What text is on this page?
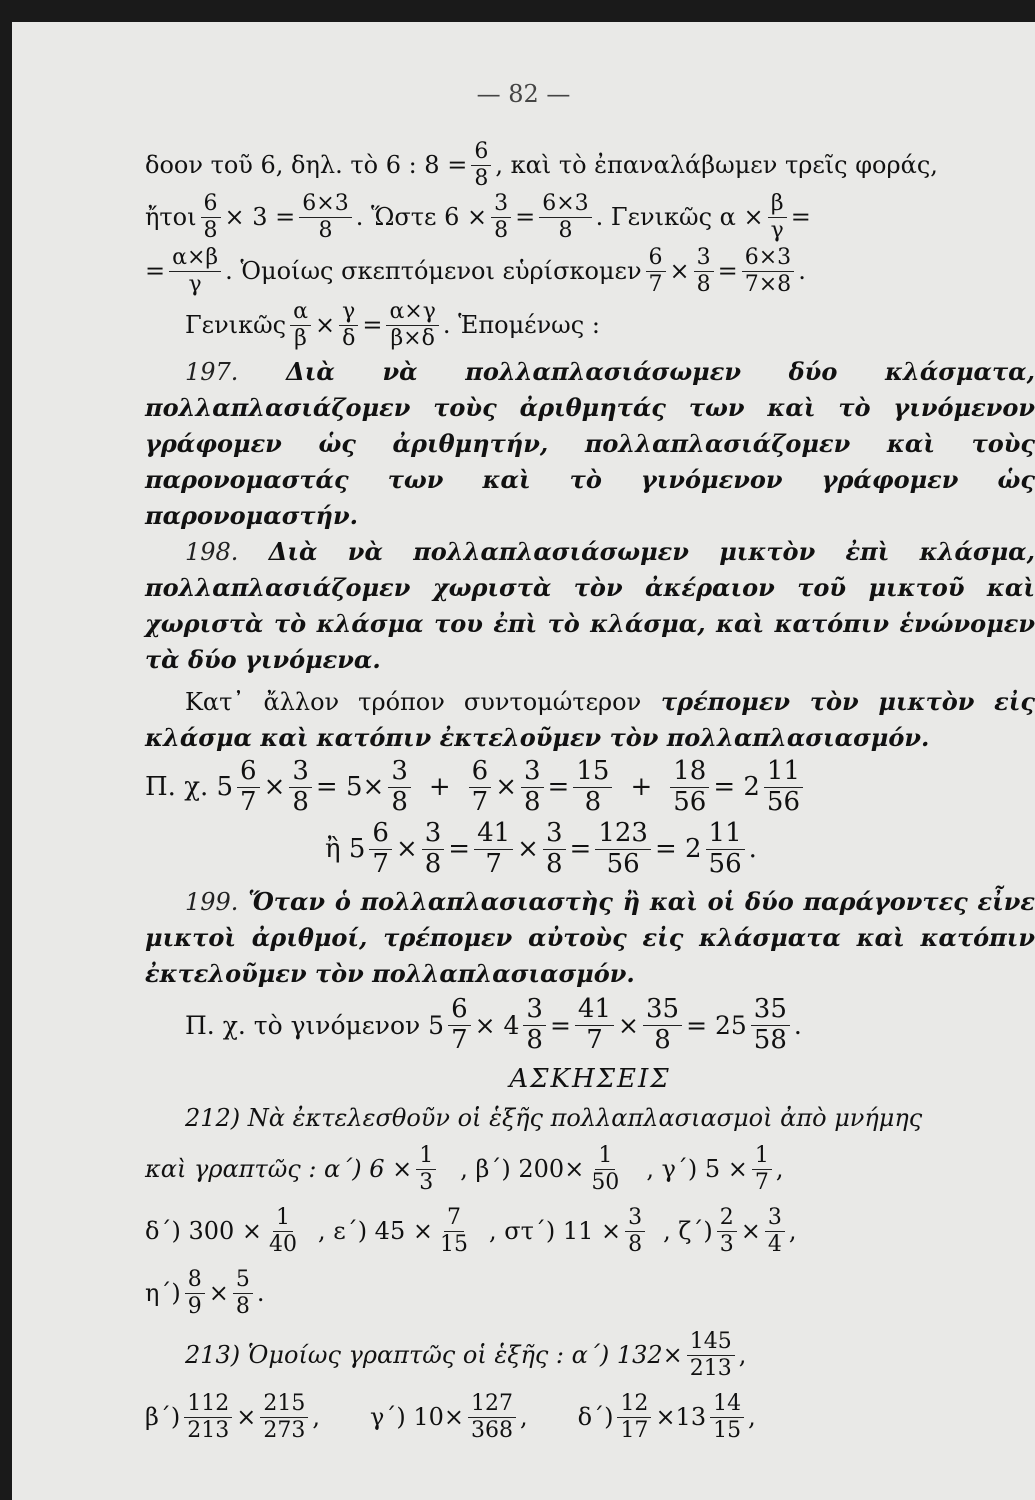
— 82 —
δοον τοῦ 6, δηλ. τὸ 6 : $8 = \frac{6}{8}$ , καὶ τὸ ἐπαναλάβωμεν τρεῖς φοράς,
ἤτοι $\frac{6}{8} \times 3 = \frac{6\times 3}{8}$ . Ὥστε $6 \times \frac{3}{8} = \frac{6\times 3}{8}$ . Γενικῶς $\alpha \times \frac{\beta}{\gamma}$ =
= $\frac{\alpha\times\beta}{\gamma}$ . Ὁμοίως σκεπτόμενοι εὑρίσκομεν $\frac{6}{7} \times \frac{3}{8} = \frac{6\times 3}{7\times 8}$ .
Γενικῶς $\frac{\alpha}{\beta} \times \frac{\gamma}{\delta} = \frac{\alpha\times\gamma}{\beta\times\delta}$ . Ἑπομένως :
197. Διὰ νὰ πολλαπλασιάσωμεν δύο κλάσματα, πολλαπλασιάζομεν τοὺς ἀριθμητάς των καὶ τὸ γινόμενον γράφομεν ὡς ἀριθμητήν, πολλαπλασιάζομεν καὶ τοὺς παρονομαστάς των καὶ τὸ γινόμενον γράφομεν ὡς παρονομαστήν.
198. Διὰ νὰ πολλαπλασιάσωμεν μικτὸν ἐπὶ κλάσμα, πολλαπλασιάζομεν χωριστὰ τὸν ἀκέραιον τοῦ μικτοῦ καὶ χωριστὰ τὸ κλάσμα του ἐπὶ τὸ κλάσμα, καὶ κατόπιν ἑνώνομεν τὰ δύο γινόμενα.
Κατ᾽ ἄλλον τρόπον συντομώτερον τρέπομεν τὸν μικτὸν εἰς κλάσμα καὶ κατόπιν ἐκτελοῦμεν τὸν πολλαπλασιασμόν.
Π. χ. $5 \frac{6}{7} \times \frac{3}{8} = 5\times \frac{3}{8} + \frac{6}{7} \times \frac{3}{8} = \frac{15}{8} + \frac{18}{56} = 2 \frac{11}{56}$
ἢ $5 \frac{6}{7} \times \frac{3}{8} = \frac{41}{7} \times \frac{3}{8} = \frac{123}{56} = 2 \frac{11}{56}$ .
199. Ὅταν ὁ πολλαπλασιαστὴς ἢ καὶ οἱ δύο παράγοντες εἶνε μικτοὶ ἀριθμοί, τρέπομεν αὐτοὺς εἰς κλάσματα καὶ κατόπιν ἐκτελοῦμεν τὸν πολλαπλασιασμόν.
Π. χ. τὸ γινόμενον $5 \frac{6}{7} \times 4 \frac{3}{8} = \frac{41}{7} \times \frac{35}{8} = 25 \frac{35}{58}$ .
ΑΣΚΗΣΕΙΣ
212) Νὰ ἐκτελεσθοῦν οἱ ἑξῆς πολλαπλασιασμοὶ ἀπὸ μνήμης
καὶ γραπτῶς : α΄) $6 \times \frac{1}{3}$ , β΄) $200\times \frac{1}{50}$ , γ΄) $5 \times \frac{1}{7}$ ,
δ΄) $300 \times \frac{1}{40}$ , ε΄) $45 \times \frac{7}{15}$ , στ΄) $11 \times \frac{3}{8}$ , $\zeta΄) \frac{2}{3} \times \frac{3}{4}$ ,
$\eta΄) \frac{8}{9} \times \frac{5}{8}$ .
213) Ὁμοίως γραπτῶς οἱ ἑξῆς : α΄) $132\times \frac{145}{213}$ ,
$\beta΄) \frac{112}{213} \times \frac{215}{273}$ , γ΄) $10\times \frac{127}{368}$ , $\delta΄) \frac{12}{17} \times 13 \frac{14}{15}$ ,
